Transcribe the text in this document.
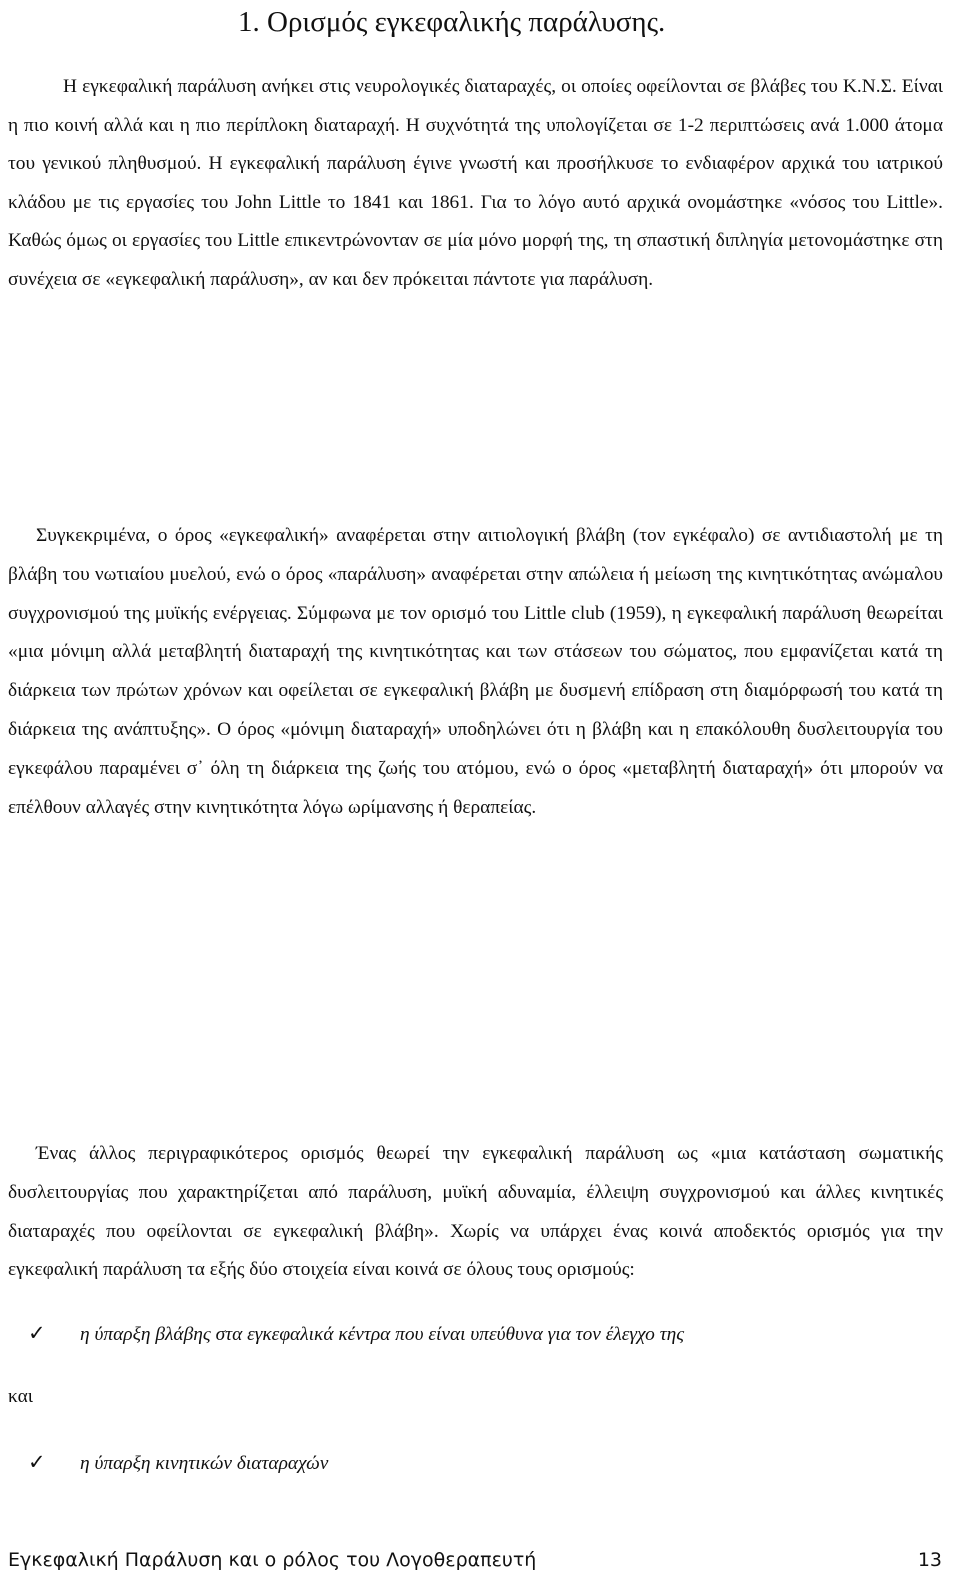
1. Ορισμός εγκεφαλικής παράλυσης.

Η εγκεφαλική παράλυση ανήκει στις νευρολογικές διαταραχές, οι οποίες οφείλονται σε βλάβες του Κ.Ν.Σ. Είναι η πιο κοινή αλλά και η πιο περίπλοκη διαταραχή. Η συχνότητά της υπολογίζεται σε 1-2 περιπτώσεις ανά 1.000 άτομα του γενικού πληθυσμού. Η εγκεφαλική παράλυση έγινε γνωστή και προσήλκυσε το ενδιαφέρον αρχικά του ιατρικού κλάδου με τις εργασίες του John Little το 1841 και 1861. Για το λόγο αυτό αρχικά ονομάστηκε «νόσος του Little». Καθώς όμως οι εργασίες του Little επικεντρώνονταν σε μία μόνο μορφή της, τη σπαστική διπληγία μετονομάστηκε στη συνέχεια σε «εγκεφαλική παράλυση», αν και δεν πρόκειται πάντοτε για παράλυση.

Συγκεκριμένα, ο όρος «εγκεφαλική» αναφέρεται στην αιτιολογική βλάβη (τον εγκέφαλο) σε αντιδιαστολή με τη βλάβη του νωτιαίου μυελού, ενώ ο όρος «παράλυση» αναφέρεται στην απώλεια ή μείωση της κινητικότητας ανώμαλου συγχρονισμού της μυϊκής ενέργειας. Σύμφωνα με τον ορισμό του Little club (1959), η εγκεφαλική παράλυση θεωρείται «μια μόνιμη αλλά μεταβλητή διαταραχή της κινητικότητας και των στάσεων του σώματος, που εμφανίζεται κατά τη διάρκεια των πρώτων χρόνων και οφείλεται σε εγκεφαλική βλάβη με δυσμενή επίδραση στη διαμόρφωσή του κατά τη διάρκεια της ανάπτυξης». Ο όρος «μόνιμη διαταραχή» υποδηλώνει ότι η βλάβη και η επακόλουθη δυσλειτουργία του εγκεφάλου παραμένει σ᾽ όλη τη διάρκεια της ζωής του ατόμου, ενώ ο όρος «μεταβλητή διαταραχή» ότι μπορούν να επέλθουν αλλαγές στην κινητικότητα λόγω ωρίμανσης ή θεραπείας.

Ένας άλλος περιγραφικότερος ορισμός θεωρεί την εγκεφαλική παράλυση ως «μια κατάσταση σωματικής δυσλειτουργίας που χαρακτηρίζεται από παράλυση, μυϊκή αδυναμία, έλλειψη συγχρονισμού και άλλες κινητικές διαταραχές που οφείλονται σε εγκεφαλική βλάβη». Χωρίς να υπάρχει ένας κοινά αποδεκτός ορισμός για την εγκεφαλική παράλυση τα εξής δύο στοιχεία είναι κοινά σε όλους τους ορισμούς:

✓ η ύπαρξη βλάβης στα εγκεφαλικά κέντρα που είναι υπεύθυνα για τον έλεγχο της
και
✓ η ύπαρξη κινητικών διαταραχών
Εγκεφαλική Παράλυση και ο ρόλος του Λογοθεραπευτή	13
